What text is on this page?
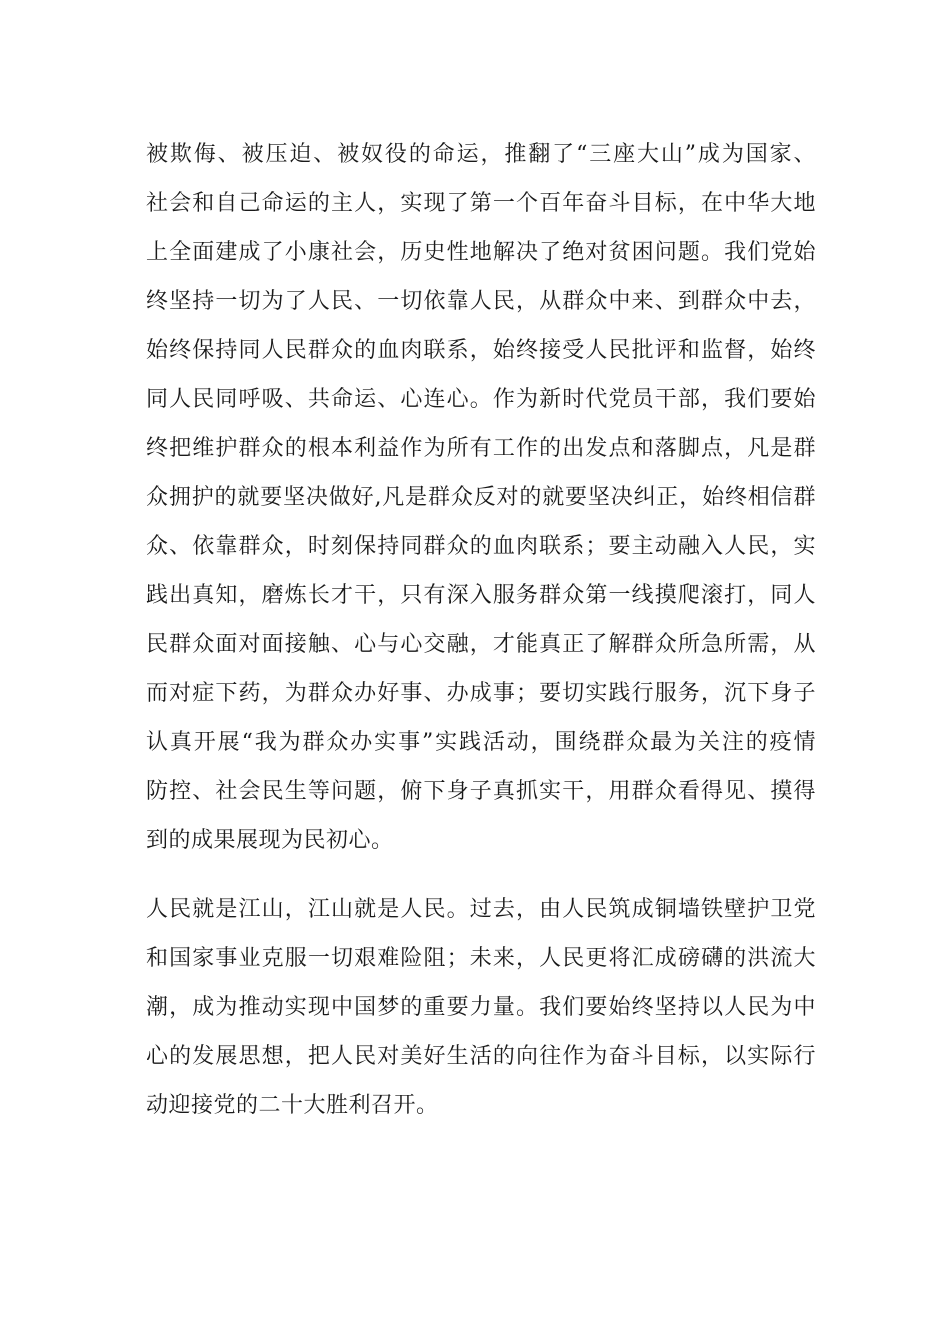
被欺侮、被压迫、被奴役的命运，推翻了“三座大山”成为国家、
社会和自己命运的主人，实现了第一个百年奋斗目标，在中华大地
上全面建成了小康社会，历史性地解决了绝对贫困问题。我们党始
终坚持一切为了人民、一切依靠人民，从群众中来、到群众中去，
始终保持同人民群众的血肉联系，始终接受人民批评和监督，始终
同人民同呼吸、共命运、心连心。作为新时代党员干部，我们要始
终把维护群众的根本利益作为所有工作的出发点和落脚点，凡是群
众拥护的就要坚决做好,凡是群众反对的就要坚决纠正，始终相信群
众、依靠群众，时刻保持同群众的血肉联系；要主动融入人民，实
践出真知，磨炼长才干，只有深入服务群众第一线摸爬滚打，同人
民群众面对面接触、心与心交融，才能真正了解群众所急所需，从
而对症下药，为群众办好事、办成事；要切实践行服务，沉下身子
认真开展“我为群众办实事”实践活动，围绕群众最为关注的疫情
防控、社会民生等问题，俯下身子真抓实干，用群众看得见、摸得
到的成果展现为民初心。
人民就是江山，江山就是人民。过去，由人民筑成铜墙铁壁护卫党
和国家事业克服一切艰难险阻；未来，人民更将汇成磅礴的洪流大
潮，成为推动实现中国梦的重要力量。我们要始终坚持以人民为中
心的发展思想，把人民对美好生活的向往作为奋斗目标，以实际行
动迎接党的二十大胜利召开。
